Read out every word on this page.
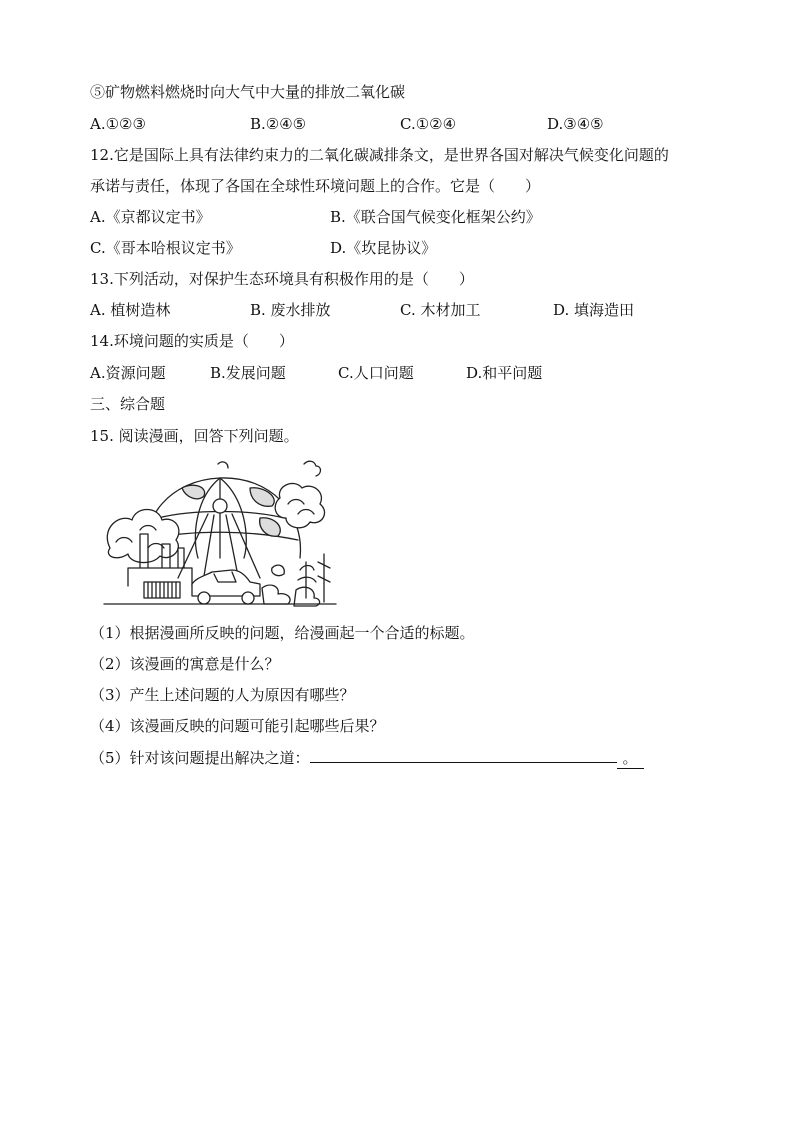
⑤矿物燃料燃烧时向大气中大量的排放二氧化碳
A.①②③	B.②④⑤	C.①②④	D.③④⑤
12.它是国际上具有法律约束力的二氧化碳减排条文，是世界各国对解决气候变化问题的
承诺与责任，体现了各国在全球性环境问题上的合作。它是（　　）
A.《京都议定书》	B.《联合国气候变化框架公约》
C.《哥本哈根议定书》	D.《坎昆协议》
13.下列活动，对保护生态环境具有积极作用的是（　　）
A. 植树造林	B. 废水排放	C. 木材加工	D. 填海造田
14.环境问题的实质是（　　）
A.资源问题	B.发展问题	C.人口问题	D.和平问题
三、综合题
15. 阅读漫画，回答下列问题。
（1）根据漫画所反映的问题，给漫画起一个合适的标题。
（2）该漫画的寓意是什么？
（3）产生上述问题的人为原因有哪些？
（4）该漫画反映的问题可能引起哪些后果？
（5）针对该问题提出解决之道：	。
